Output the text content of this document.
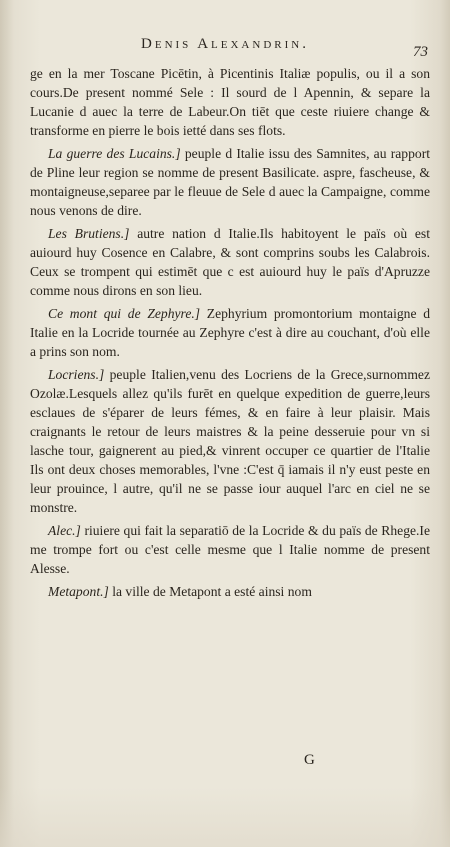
Denis Alexandrin.	73

ge en la mer Toscane Picētin, à Picentinis Italiæ populis, ou il a son cours.De present nommé Sele : Il sourd de l Apennin, & separe la Lucanie d auec la terre de Labeur.On tiēt que ceste riuiere change & transforme en pierre le bois ietté dans ses flots.

La guerre des Lucains.] peuple d Italie issu des Samnites, au rapport de Pline leur region se nomme de present Basilicate. aspre, fascheuse, & montaigneuse,separee par le fleuue de Sele d auec la Campaigne, comme nous venons de dire.

Les Brutiens.] autre nation d Italie.Ils habitoyent le païs où est auiourd huy Cosence en Calabre, & sont comprins soubs les Calabrois. Ceux se trompent qui estimēt que c est auiourd huy le païs d'Apruzze comme nous dirons en son lieu.

Ce mont qui de Zephyre.] Zephyrium promontorium montaigne d Italie en la Locride tournée au Zephyre c'est à dire au couchant, d'où elle a prins son nom.

Locriens.] peuple Italien,venu des Locriens de la Grece,surnommez Ozolæ.Lesquels allez qu'ils furēt en quelque expedition de guerre,leurs esclaues de s'éparer de leurs fémes, & en faire à leur plaisir. Mais craignants le retour de leurs maistres & la peine desseruie pour vn si lasche tour, gaignerent au pied,& vinrent occuper ce quartier de l'Italie Ils ont deux choses memorables, l'vne :C'est q̄ iamais il n'y eust peste en leur prouince, l autre, qu'il ne se passe iour auquel l'arc en ciel ne se monstre.

Alec.] riuiere qui fait la separatiō de la Locride & du païs de Rhege.Ie me trompe fort ou c'est celle mesme que l Italie nomme de present Alesse.

Metapont.] la ville de Metapont a esté ainsi nom

G
